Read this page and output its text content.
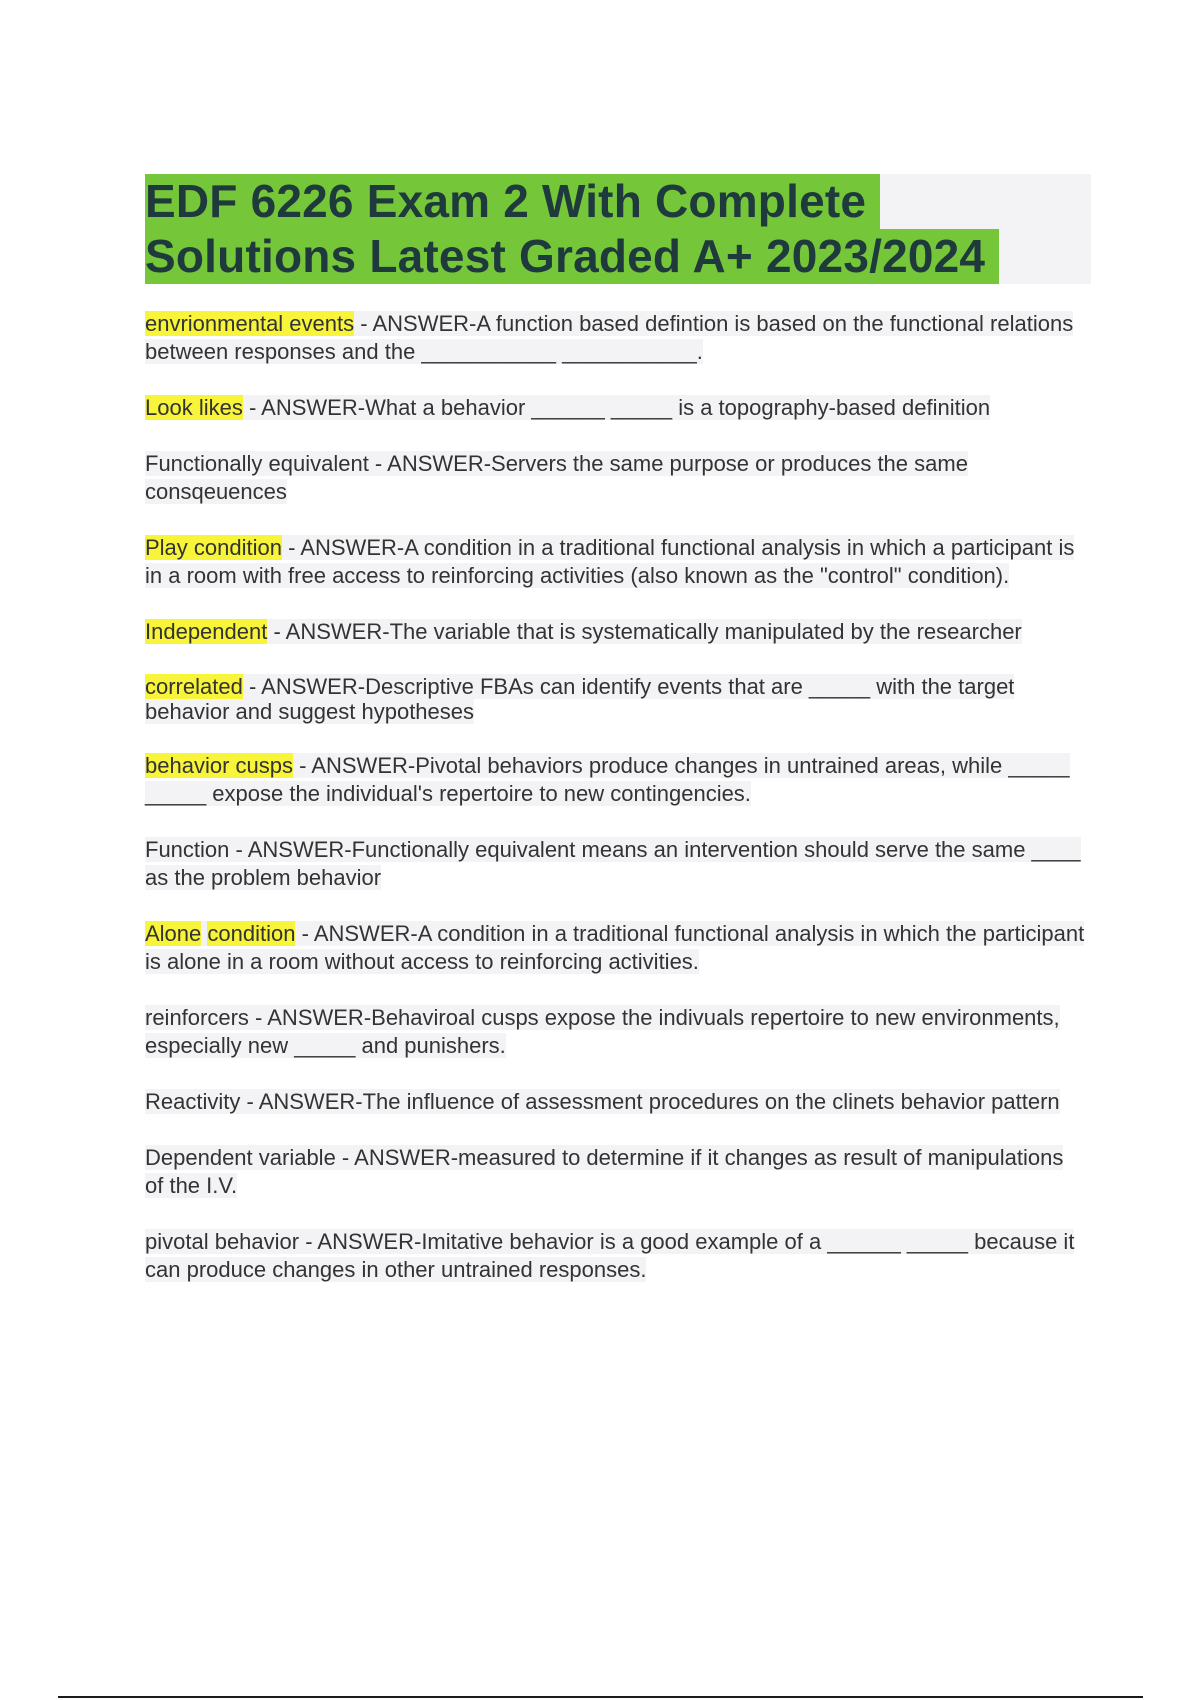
EDF 6226 Exam 2 With Complete
Solutions Latest Graded A+ 2023/2024

envrionmental events - ANSWER-A function based defintion is based on the functional relations between responses and the ___________ ___________.

Look likes - ANSWER-What a behavior ______ _____ is a topography-based definition

Functionally equivalent - ANSWER-Servers the same purpose or produces the same consqeuences

Play condition - ANSWER-A condition in a traditional functional analysis in which a participant is in a room with free access to reinforcing activities (also known as the "control" condition).

Independent - ANSWER-The variable that is systematically manipulated by the researcher

correlated - ANSWER-Descriptive FBAs can identify events that are _____ with the target behavior and suggest hypotheses

behavior cusps - ANSWER-Pivotal behaviors produce changes in untrained areas, while _____ _____ expose the individual's repertoire to new contingencies.

Function - ANSWER-Functionally equivalent means an intervention should serve the same ____ as the problem behavior

Alone condition - ANSWER-A condition in a traditional functional analysis in which the participant is alone in a room without access to reinforcing activities.

reinforcers - ANSWER-Behaviroal cusps expose the indivuals repertoire to new environments, especially new _____ and punishers.

Reactivity - ANSWER-The influence of assessment procedures on the clinets behavior pattern

Dependent variable - ANSWER-measured to determine if it changes as result of manipulations of the I.V.

pivotal behavior - ANSWER-Imitative behavior is a good example of a ______ _____ because it can produce changes in other untrained responses.
